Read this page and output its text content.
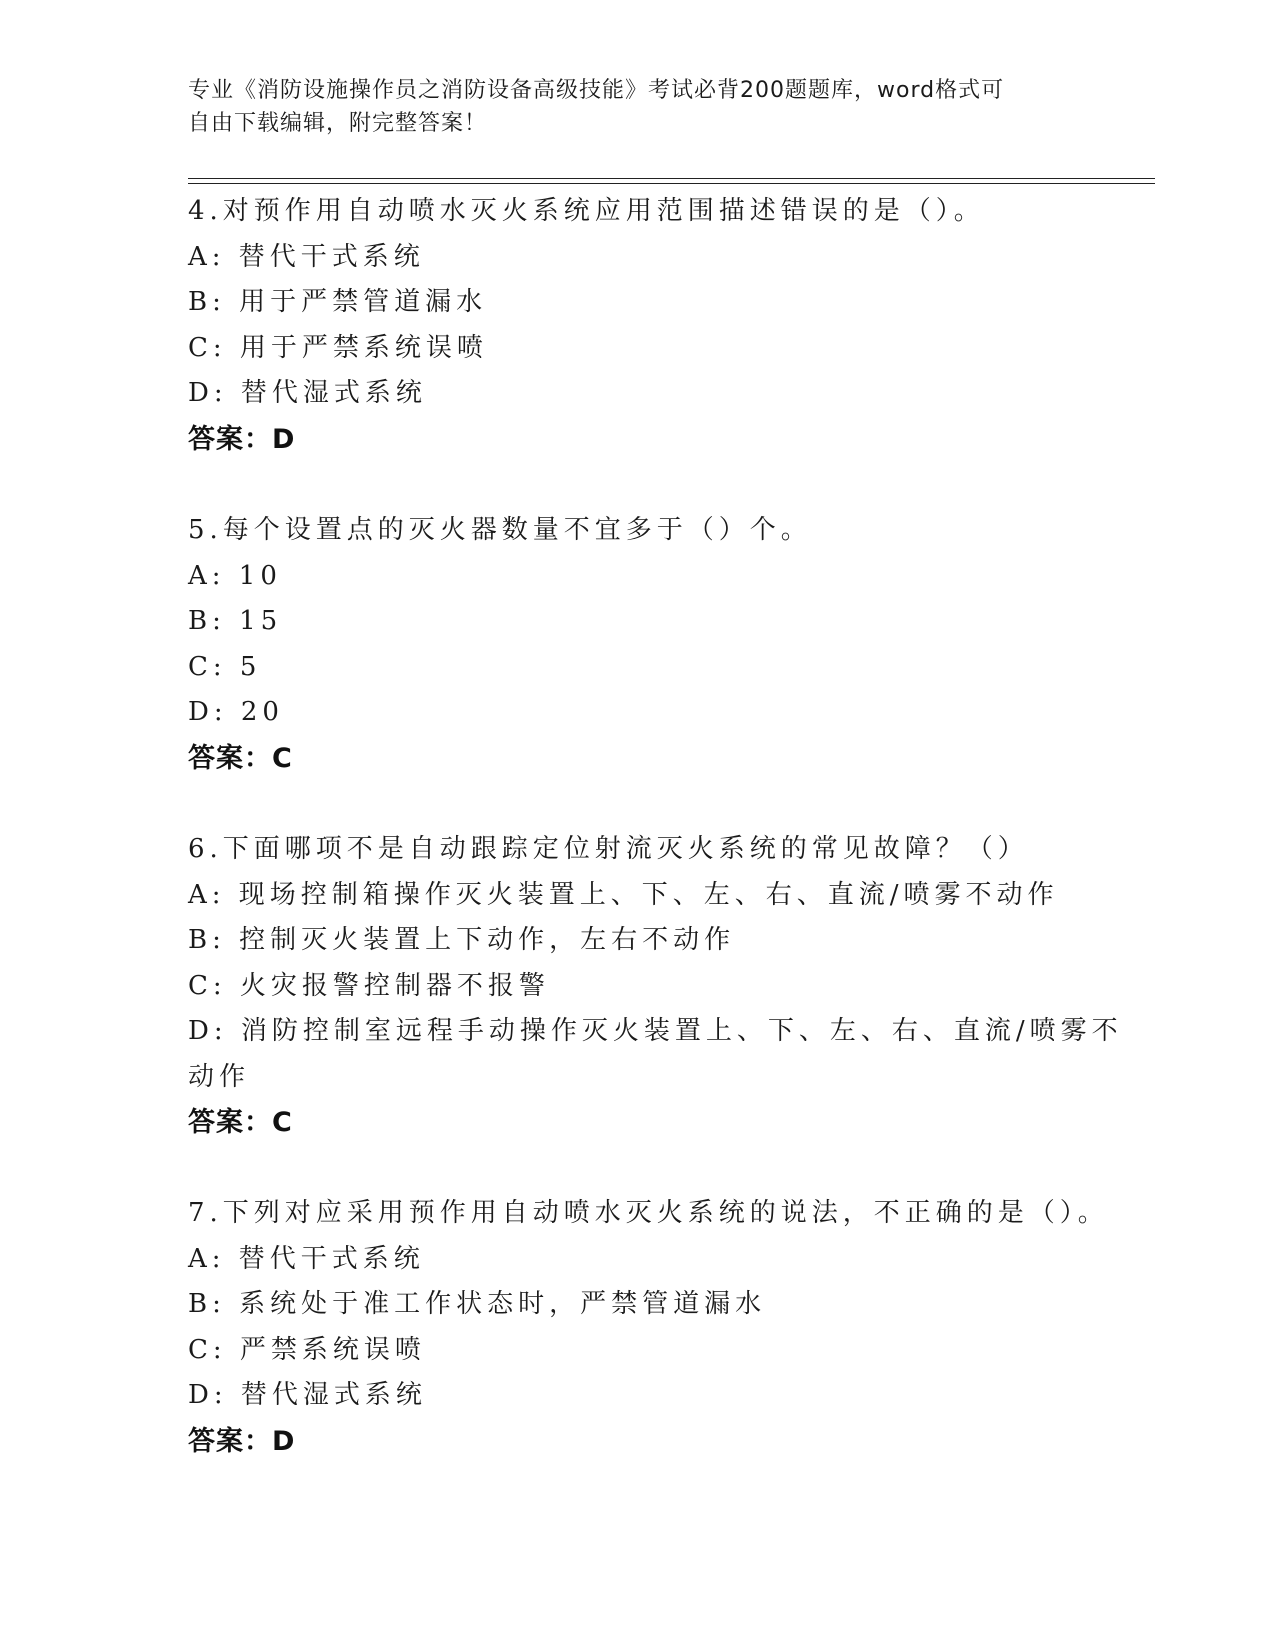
专业《消防设施操作员之消防设备高级技能》考试必背200题题库，word格式可
自由下载编辑，附完整答案！
4.对预作用自动喷水灭火系统应用范围描述错误的是（）。
A: 替代干式系统
B: 用于严禁管道漏水
C: 用于严禁系统误喷
D: 替代湿式系统
答案：D
5.每个设置点的灭火器数量不宜多于（）个。
A: 10
B: 15
C: 5
D: 20
答案：C
6.下面哪项不是自动跟踪定位射流灭火系统的常见故障？（）
A: 现场控制箱操作灭火装置上、下、左、右、直流/喷雾不动作
B: 控制灭火装置上下动作，左右不动作
C: 火灾报警控制器不报警
D: 消防控制室远程手动操作灭火装置上、下、左、右、直流/喷雾不
动作
答案：C
7.下列对应采用预作用自动喷水灭火系统的说法，不正确的是（）。
A: 替代干式系统
B: 系统处于准工作状态时，严禁管道漏水
C: 严禁系统误喷
D: 替代湿式系统
答案：D
